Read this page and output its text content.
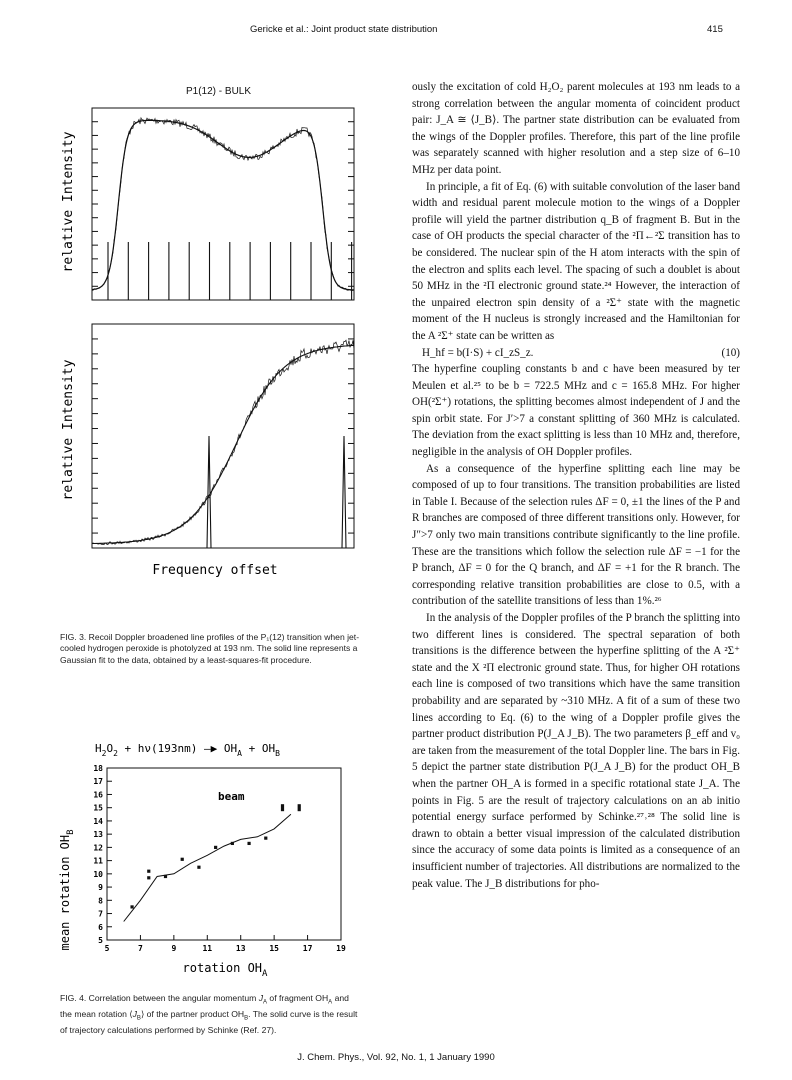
Gericke et al.: Joint product state distribution	415
P1(12) - BULK
relative Intensity
relative Intensity
Frequency offset
FIG. 3. Recoil Doppler broadened line profiles of the P₁(12) transition when jet-cooled hydrogen peroxide is photolyzed at 193 nm. The solid line represents a Gaussian fit to the data, obtained by a least-squares-fit procedure.
$H_2O_2 + h\nu(193nm)$ —▶ $OH_A + OH_B$
mean rotation $OH_B$
5
6
7
8
9
10
11
12
13
14
15
16
17
18
5	7	9	11	13	15	17	19
beam
rotation $OH_A$
FIG. 4. Correlation between the angular momentum $J_A$ of fragment $OH_A$ and the mean rotation $⟨J_B⟩$ of the partner product $OH_B$. The solid curve is the result of trajectory calculations performed by Schinke (Ref. 27).

ously the excitation of cold H₂O₂ parent molecules at 193 nm leads to a strong correlation between the angular momenta of coincident product pair: J_A ≅ ⟨J_B⟩. The partner state distribution can be evaluated from the wings of the Doppler profiles. Therefore, this part of the line profile was separately scanned with higher resolution and a step size of 6–10 MHz per data point.

In principle, a fit of Eq. (6) with suitable convolution of the laser band width and residual parent molecule motion to the wings of a Doppler profile will yield the partner distribution q_B of fragment B. But in the case of OH products the special character of the ²Π←²Σ transition has to be considered. The nuclear spin of the H atom interacts with the spin of the electron and splits each level. The spacing of such a doublet is about 50 MHz in the ²Π electronic ground state.²⁴ However, the interaction of the unpaired electron spin density of a ²Σ⁺ state with the magnetic moment of the H nucleus is strongly increased and the Hamiltonian for the A ²Σ⁺ state can be written as

H_hf = b(I·S) + cI_zS_z.	(10)

The hyperfine coupling constants b and c have been measured by ter Meulen et al.²⁵ to be b = 722.5 MHz and c = 165.8 MHz. For higher OH(²Σ⁺) rotations, the splitting becomes almost independent of J and the spin orbit state. For J′>7 a constant splitting of 360 MHz is calculated. The deviation from the exact splitting is less than 10 MHz and, therefore, negligible in the analysis of OH Doppler profiles.

As a consequence of the hyperfine splitting each line may be composed of up to four transitions. The transition probabilities are listed in Table I. Because of the selection rules ΔF = 0, ±1 the lines of the P and R branches are composed of three different transitions only. However, for J″>7 only two main transitions contribute significantly to the line profile. These are the transitions which follow the selection rule ΔF = −1 for the P branch, ΔF = 0 for the Q branch, and ΔF = +1 for the R branch. The corresponding relative transition probabilities are close to 0.5, with a contribution of the satellite transitions of less than 1%.²⁶

In the analysis of the Doppler profiles of the P branch the splitting into two different lines is considered. The spectral separation of both transitions is the difference between the hyperfine splitting of the A ²Σ⁺ state and the X ²Π electronic ground state. Thus, for higher OH rotations each line is composed of two transitions which have the same transition probability and are separated by ~310 MHz. A fit of a sum of these two lines according to Eq. (6) to the wing of a Doppler profile gives the partner product distribution P(J_A J_B). The two parameters β_eff and v₀ are taken from the measurement of the total Doppler line. The bars in Fig. 5 depict the partner state distribution P(J_A J_B) for the product OH_B when the partner OH_A is formed in a specific rotational state J_A. The points in Fig. 5 are the result of trajectory calculations on an ab initio potential energy surface performed by Schinke.²⁷˒²⁸ The solid line is drawn to obtain a better visual impression of the calculated distribution since the accuracy of some data points is limited as a consequence of an insufficient number of trajectories. All distributions are normalized to the peak value. The J_B distributions for pho-

J. Chem. Phys., Vol. 92, No. 1, 1 January 1990
